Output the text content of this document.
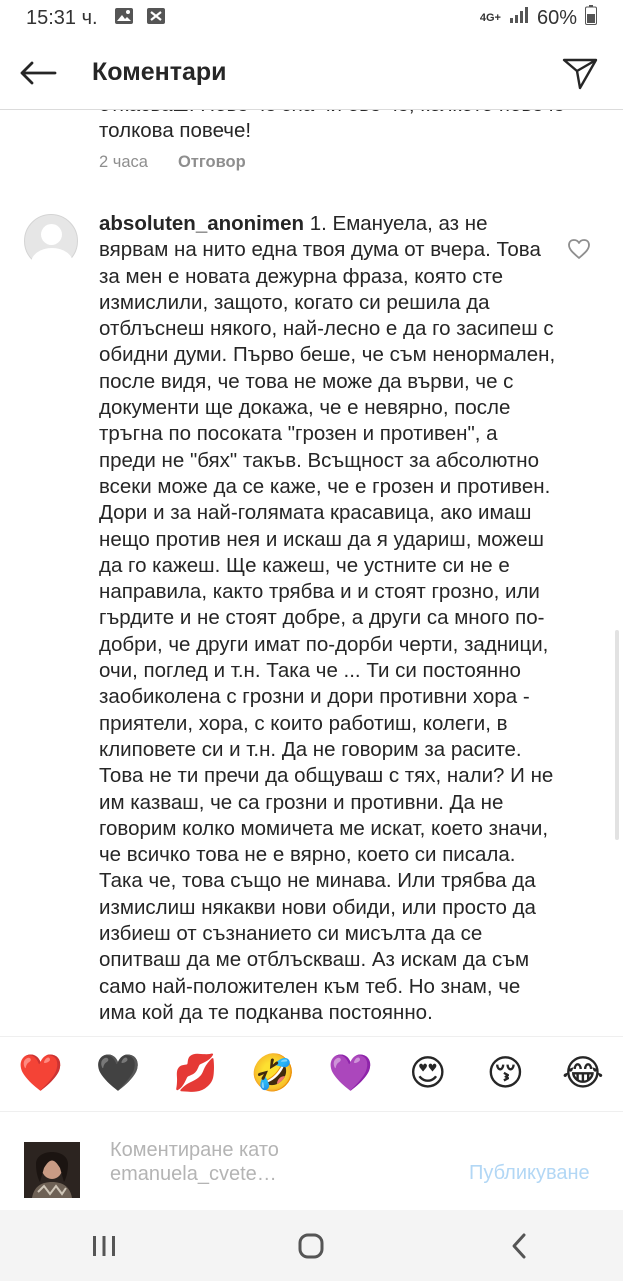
15:31 ч.	4G+ 60%
Коментари
толкова повече!
2 часа Отговор
absoluten_anonimen 1. Емануела, аз не вярвам на нито една твоя дума от вчера. Това за мен е новата дежурна фраза, която сте измислили, защото, когато си решила да отблъснеш някого, най-лесно е да го засипеш с обидни думи. Първо беше, че съм ненормален, после видя, че това не може да върви, че с документи ще докажа, че е невярно, после тръгна по посоката "грозен и противен", а преди не "бях" такъв. Всъщност за абсолютно всеки може да се каже, че е грозен и противен. Дори и за най-голямата красавица, ако имаш нещо против нея и искаш да я удариш, можеш да го кажеш. Ще кажеш, че устните си не е направила, както трябва и и стоят грозно, или гърдите и не стоят добре, а други са много по-добри, че други имат по-дорби черти, задници, очи, поглед и т.н. Така че ... Ти си постоянно заобиколена с грозни и дори противни хора - приятели, хора, с които работиш, колеги, в клиповете си и т.н. Да не говорим за расите. Това не ти пречи да общуваш с тях, нали? И не им казваш, че са грозни и противни. Да не говорим колко момичета ме искат, което значи, че всичко това не е вярно, което си писала.
Така че, това също не минава. Или трябва да измислиш някакви нови обиди, или просто да избиеш от съзнанието си мисълта да се опитваш да ме отблъскваш. Аз искам да съм само най-положителен към теб. Но знам, че има кой да те подканва постоянно.
❤️ 🖤 💋 🤣 💜 😍 😚 😂
Коментиране като emanuela_cvete…	Публикуване
